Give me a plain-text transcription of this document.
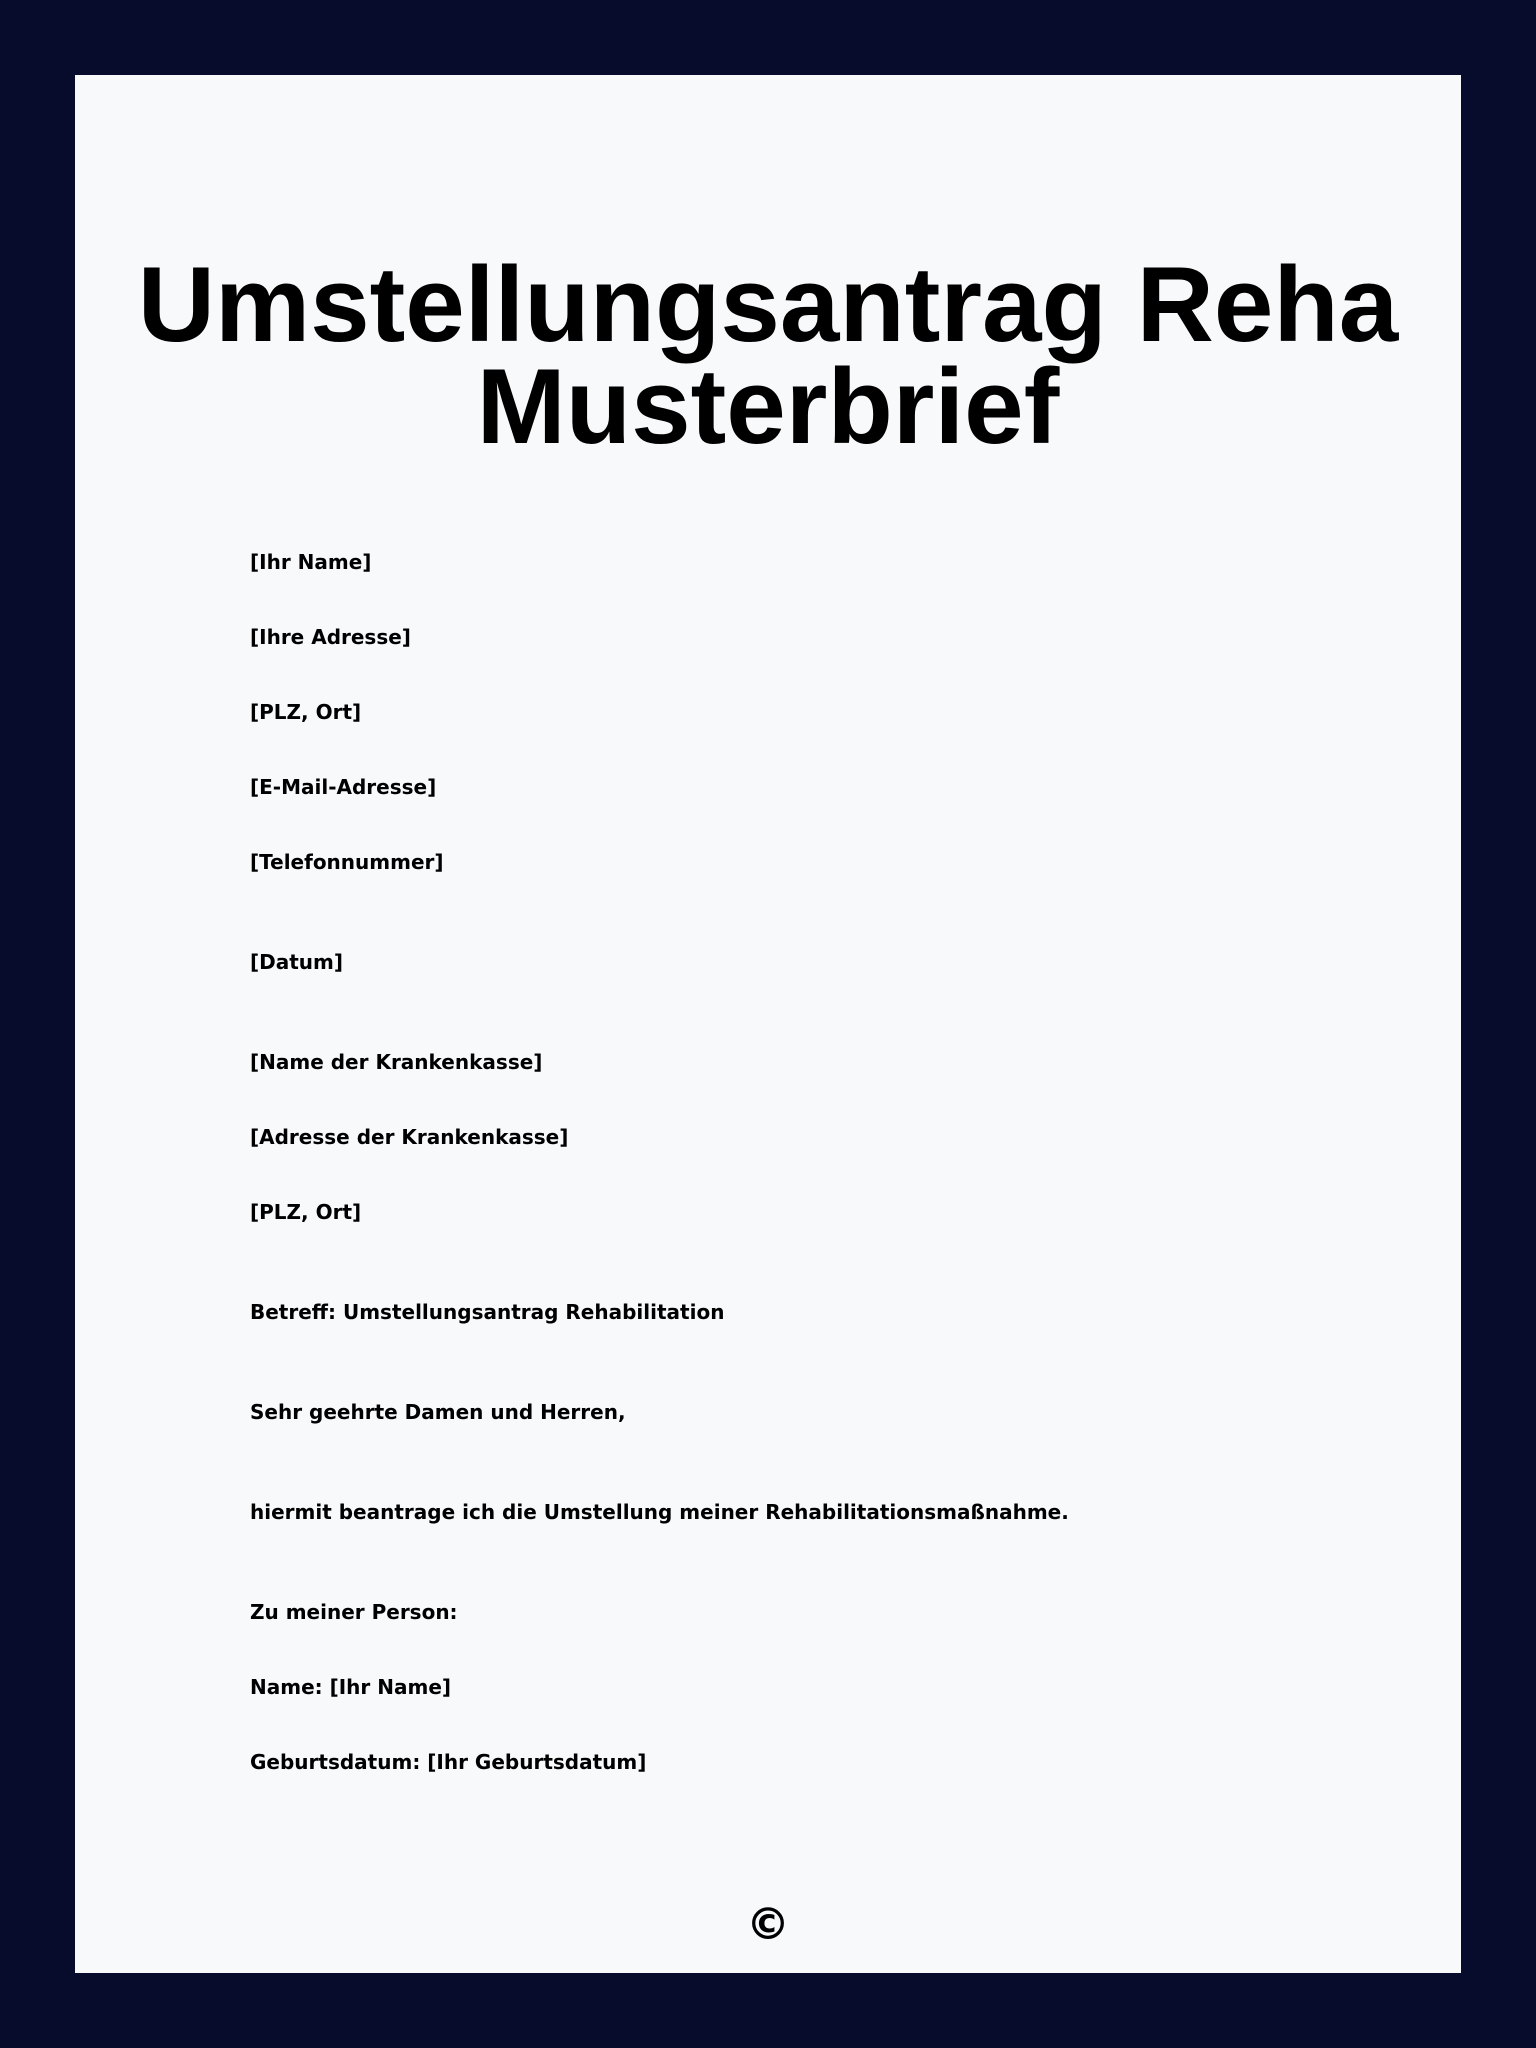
Umstellungsantrag Reha
Musterbrief

[Ihr Name]

[Ihre Adresse]

[PLZ, Ort]

[E-Mail-Adresse]

[Telefonnummer]

[Datum]

[Name der Krankenkasse]

[Adresse der Krankenkasse]

[PLZ, Ort]

Betreff: Umstellungsantrag Rehabilitation

Sehr geehrte Damen und Herren,

hiermit beantrage ich die Umstellung meiner Rehabilitationsmaßnahme.

Zu meiner Person:

Name: [Ihr Name]

Geburtsdatum: [Ihr Geburtsdatum]

©
